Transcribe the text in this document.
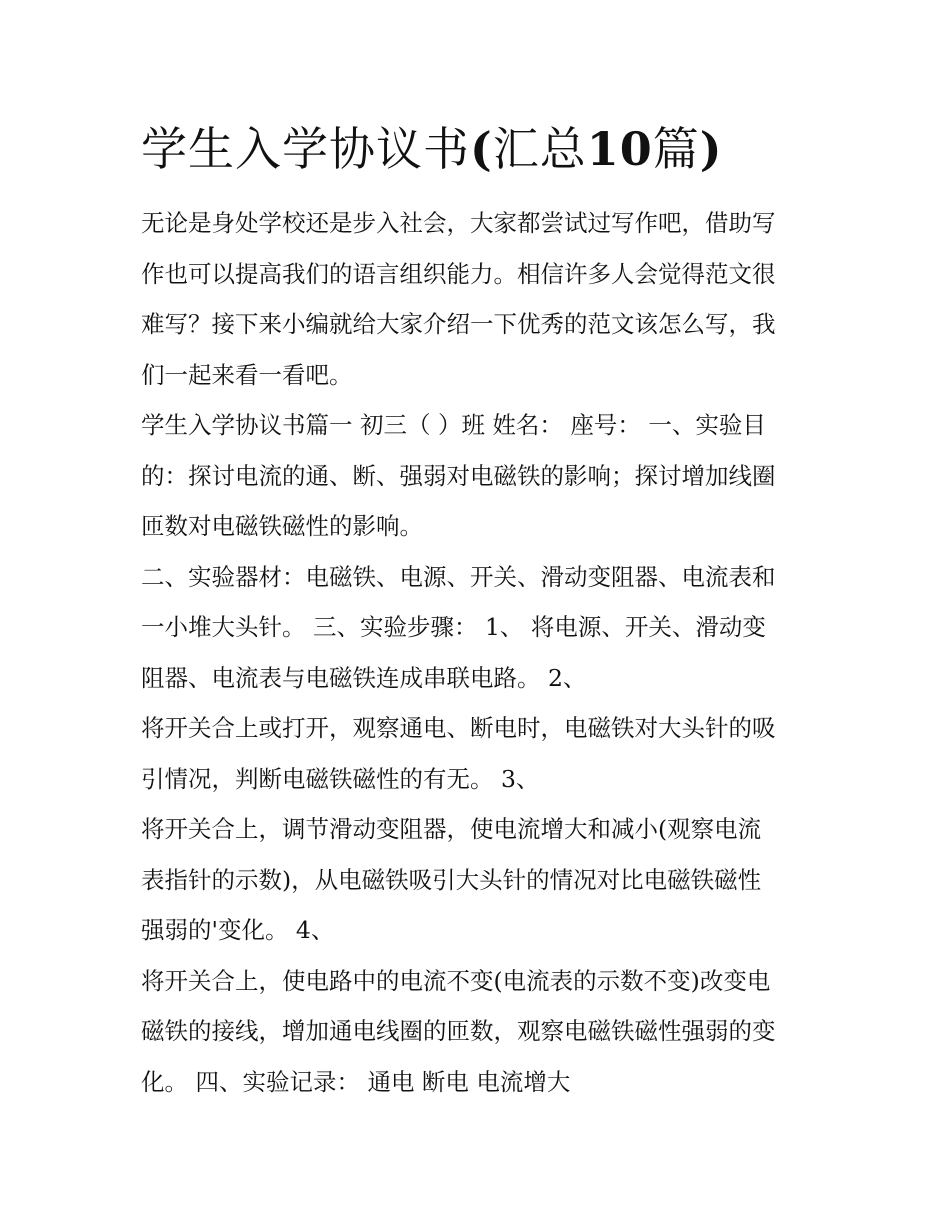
学生入学协议书(汇总10篇)
无论是身处学校还是步入社会，大家都尝试过写作吧，借助写
作也可以提高我们的语言组织能力。相信许多人会觉得范文很
难写？接下来小编就给大家介绍一下优秀的范文该怎么写，我
们一起来看一看吧。
学生入学协议书篇一 初三（ ）班 姓名： 座号： 一、实验目
的：探讨电流的通、断、强弱对电磁铁的影响；探讨增加线圈
匝数对电磁铁磁性的影响。
二、实验器材：电磁铁、电源、开关、滑动变阻器、电流表和
一小堆大头针。 三、实验步骤： 1、 将电源、开关、滑动变
阻器、电流表与电磁铁连成串联电路。 2、
将开关合上或打开，观察通电、断电时，电磁铁对大头针的吸
引情况，判断电磁铁磁性的有无。 3、
将开关合上，调节滑动变阻器，使电流增大和减小(观察电流
表指针的示数)，从电磁铁吸引大头针的情况对比电磁铁磁性
强弱的'变化。 4、
将开关合上，使电路中的电流不变(电流表的示数不变)改变电
磁铁的接线，增加通电线圈的匝数，观察电磁铁磁性强弱的变
化。 四、实验记录： 通电 断电 电流增大
